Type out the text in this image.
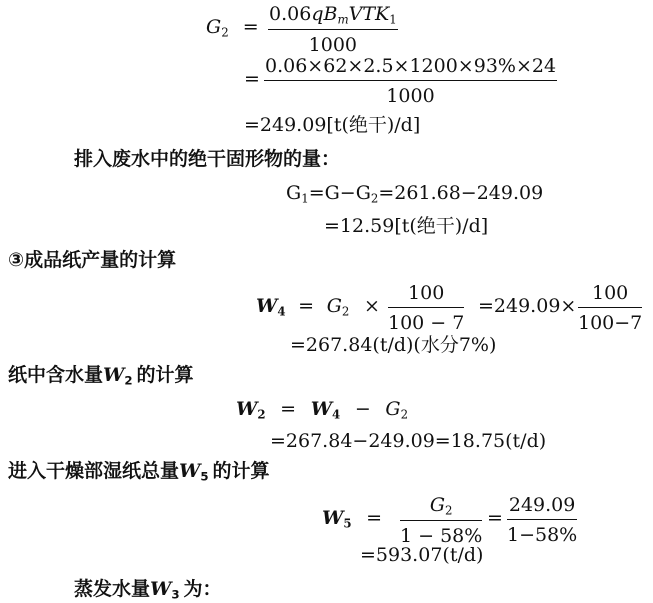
$G_2$ =
$0.06qB_mVTK_1$
1000
= $\frac{0.06\times 62\times 2.5\times 1200\times 93\%\times 24}{1000}$
=249.09[t(绝干)/d]
排入废水中的绝干固形物的量：
$G_1=G-G_2=261.68-249.09$
=12.59[t(绝干)/d]
③成品纸产量的计算
$W_4 = G_2 \times \frac{100}{100 - 7} =249.09\times \frac{100}{100-7}$
=267.84(t/d)(水分7%)
纸中含水量$W_2$ 的计算
$W_2 = W_4 - G_2$
=267.84−249.09=18.75(t/d)
进入干燥部湿纸总量$W_5$ 的计算
$W_5 = \frac{G_2}{1 - 58\%} = \frac{249.09}{1-58\%}$
=593.07(t/d)
蒸发水量$W_3$ 为：
